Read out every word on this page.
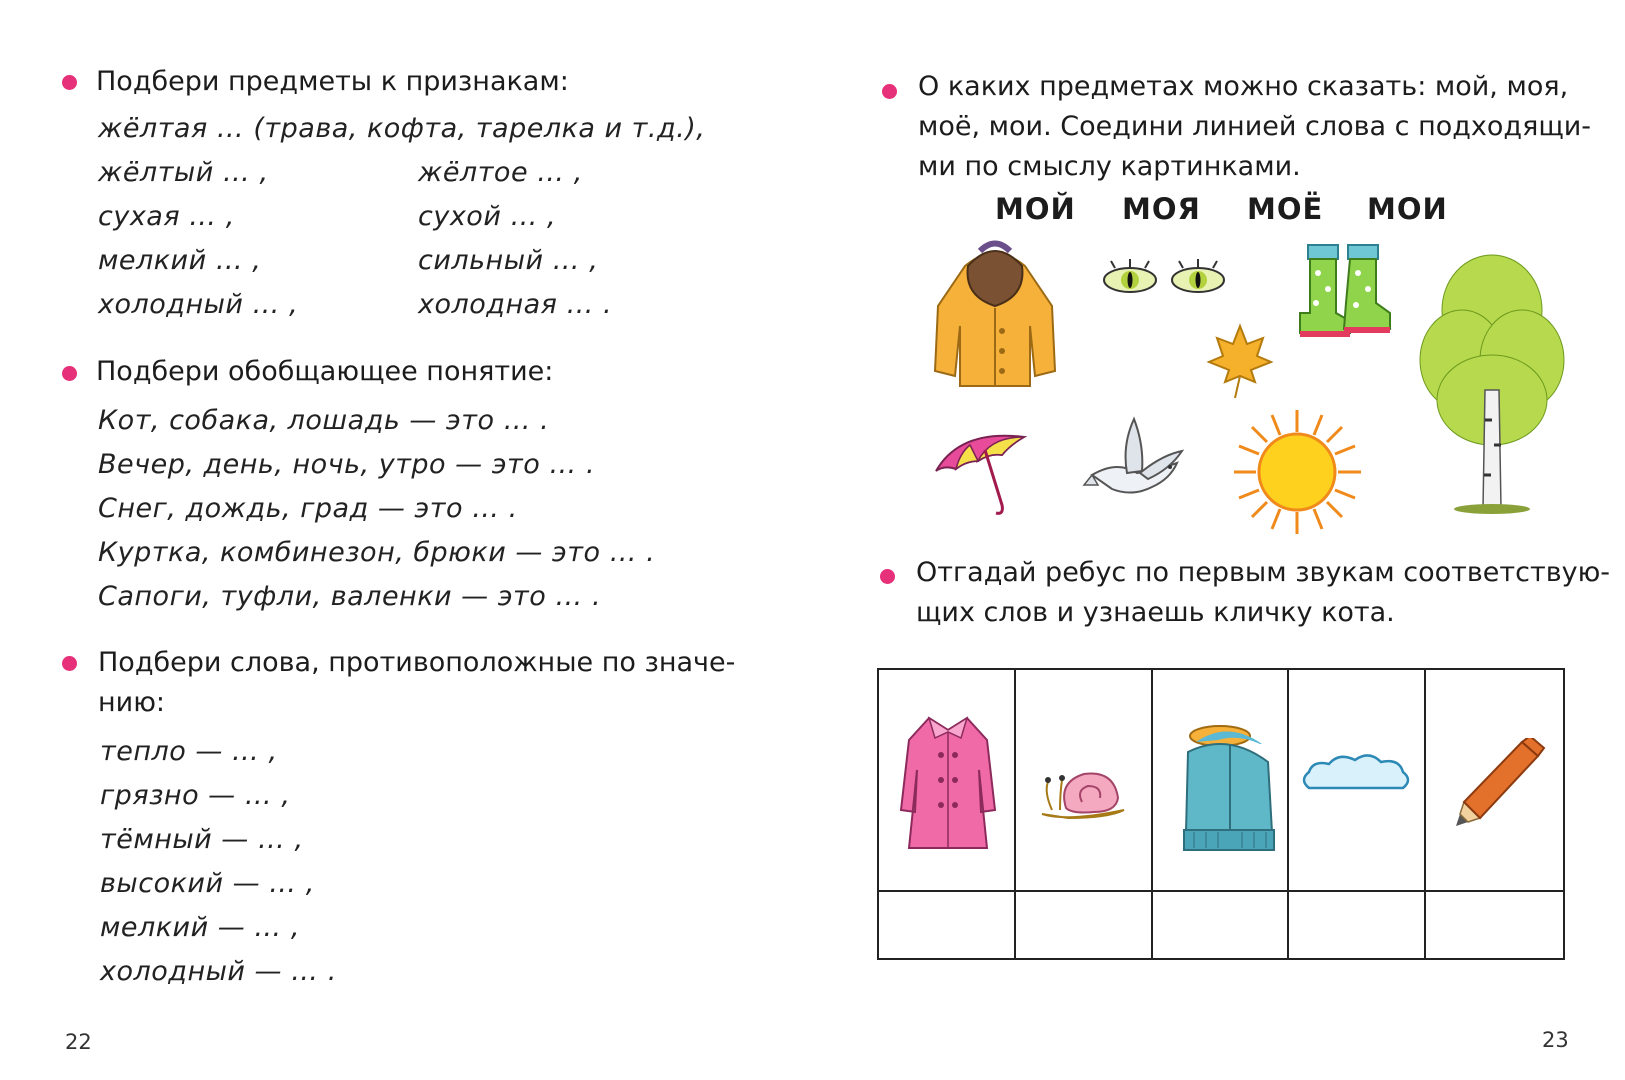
Подбери предметы к признакам:
жёлтая … (трава, кофта, тарелка и т.д.),
жёлтый … ,
сухая … ,
мелкий … ,
холодный … ,
жёлтое … ,
сухой … ,
сильный … ,
холодная … .
Подбери обобщающее понятие:
Кот, собака, лошадь — это … .
Вечер, день, ночь, утро — это … .
Снег, дождь, град — это … .
Куртка, комбинезон, брюки — это … .
Сапоги, туфли, валенки — это … .
Подбери слова, противоположные по значе-
нию:
тепло — … ,
грязно — … ,
тёмный — … ,
высокий — … ,
мелкий — … ,
холодный — … .
22
О каких предметах можно сказать: мой, моя,
моё, мои. Соедини линией слова с подходящи-
ми по смыслу картинками.
МОЙ МОЯ МОЁ МОИ
Отгадай ребус по первым звукам соответствую-
щих слов и узнаешь кличку кота.
23
